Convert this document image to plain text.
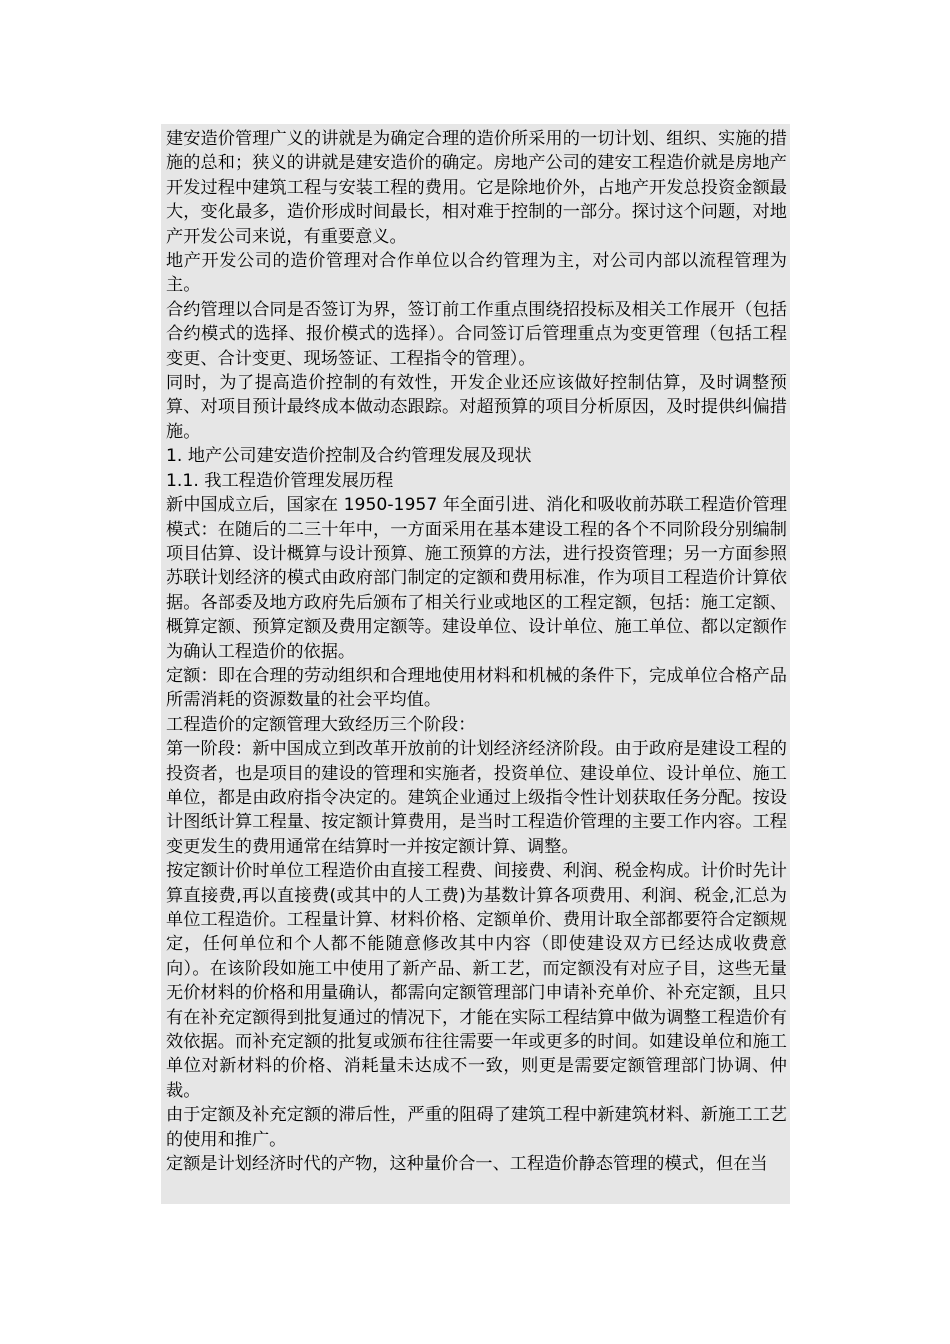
建安造价管理广义的讲就是为确定合理的造价所采用的一切计划、组织、实施的措施的总和；狭义的讲就是建安造价的确定。房地产公司的建安工程造价就是房地产开发过程中建筑工程与安装工程的费用。它是除地价外，占地产开发总投资金额最大，变化最多，造价形成时间最长，相对难于控制的一部分。探讨这个问题，对地产开发公司来说，有重要意义。

地产开发公司的造价管理对合作单位以合约管理为主，对公司内部以流程管理为主。

合约管理以合同是否签订为界，签订前工作重点围绕招投标及相关工作展开（包括合约模式的选择、报价模式的选择）。合同签订后管理重点为变更管理（包括工程变更、合计变更、现场签证、工程指令的管理）。

同时，为了提高造价控制的有效性，开发企业还应该做好控制估算，及时调整预算、对项目预计最终成本做动态跟踪。对超预算的项目分析原因，及时提供纠偏措施。

1. 地产公司建安造价控制及合约管理发展及现状

1.1. 我工程造价管理发展历程

新中国成立后，国家在 1950-1957 年全面引进、消化和吸收前苏联工程造价管理模式：在随后的二三十年中，一方面采用在基本建设工程的各个不同阶段分别编制项目估算、设计概算与设计预算、施工预算的方法，进行投资管理；另一方面参照苏联计划经济的模式由政府部门制定的定额和费用标准，作为项目工程造价计算依据。各部委及地方政府先后颁布了相关行业或地区的工程定额，包括：施工定额、概算定额、预算定额及费用定额等。建设单位、设计单位、施工单位、都以定额作为确认工程造价的依据。

定额：即在合理的劳动组织和合理地使用材料和机械的条件下，完成单位合格产品所需消耗的资源数量的社会平均值。

工程造价的定额管理大致经历三个阶段：

第一阶段：新中国成立到改革开放前的计划经济经济阶段。由于政府是建设工程的投资者，也是项目的建设的管理和实施者，投资单位、建设单位、设计单位、施工单位，都是由政府指令决定的。建筑企业通过上级指令性计划获取任务分配。按设计图纸计算工程量、按定额计算费用，是当时工程造价管理的主要工作内容。工程变更发生的费用通常在结算时一并按定额计算、调整。

按定额计价时单位工程造价由直接工程费、间接费、利润、税金构成。计价时先计算直接费,再以直接费(或其中的人工费)为基数计算各项费用、利润、税金,汇总为单位工程造价。工程量计算、材料价格、定额单价、费用计取全部都要符合定额规定，任何单位和个人都不能随意修改其中内容（即使建设双方已经达成收费意向）。在该阶段如施工中使用了新产品、新工艺，而定额没有对应子目，这些无量无价材料的价格和用量确认，都需向定额管理部门申请补充单价、补充定额，且只有在补充定额得到批复通过的情况下，才能在实际工程结算中做为调整工程造价有效依据。而补充定额的批复或颁布往往需要一年或更多的时间。如建设单位和施工单位对新材料的价格、消耗量未达成不一致，则更是需要定额管理部门协调、仲裁。

由于定额及补充定额的滞后性，严重的阻碍了建筑工程中新建筑材料、新施工工艺的使用和推广。

定额是计划经济时代的产物，这种量价合一、工程造价静态管理的模式，但在当
